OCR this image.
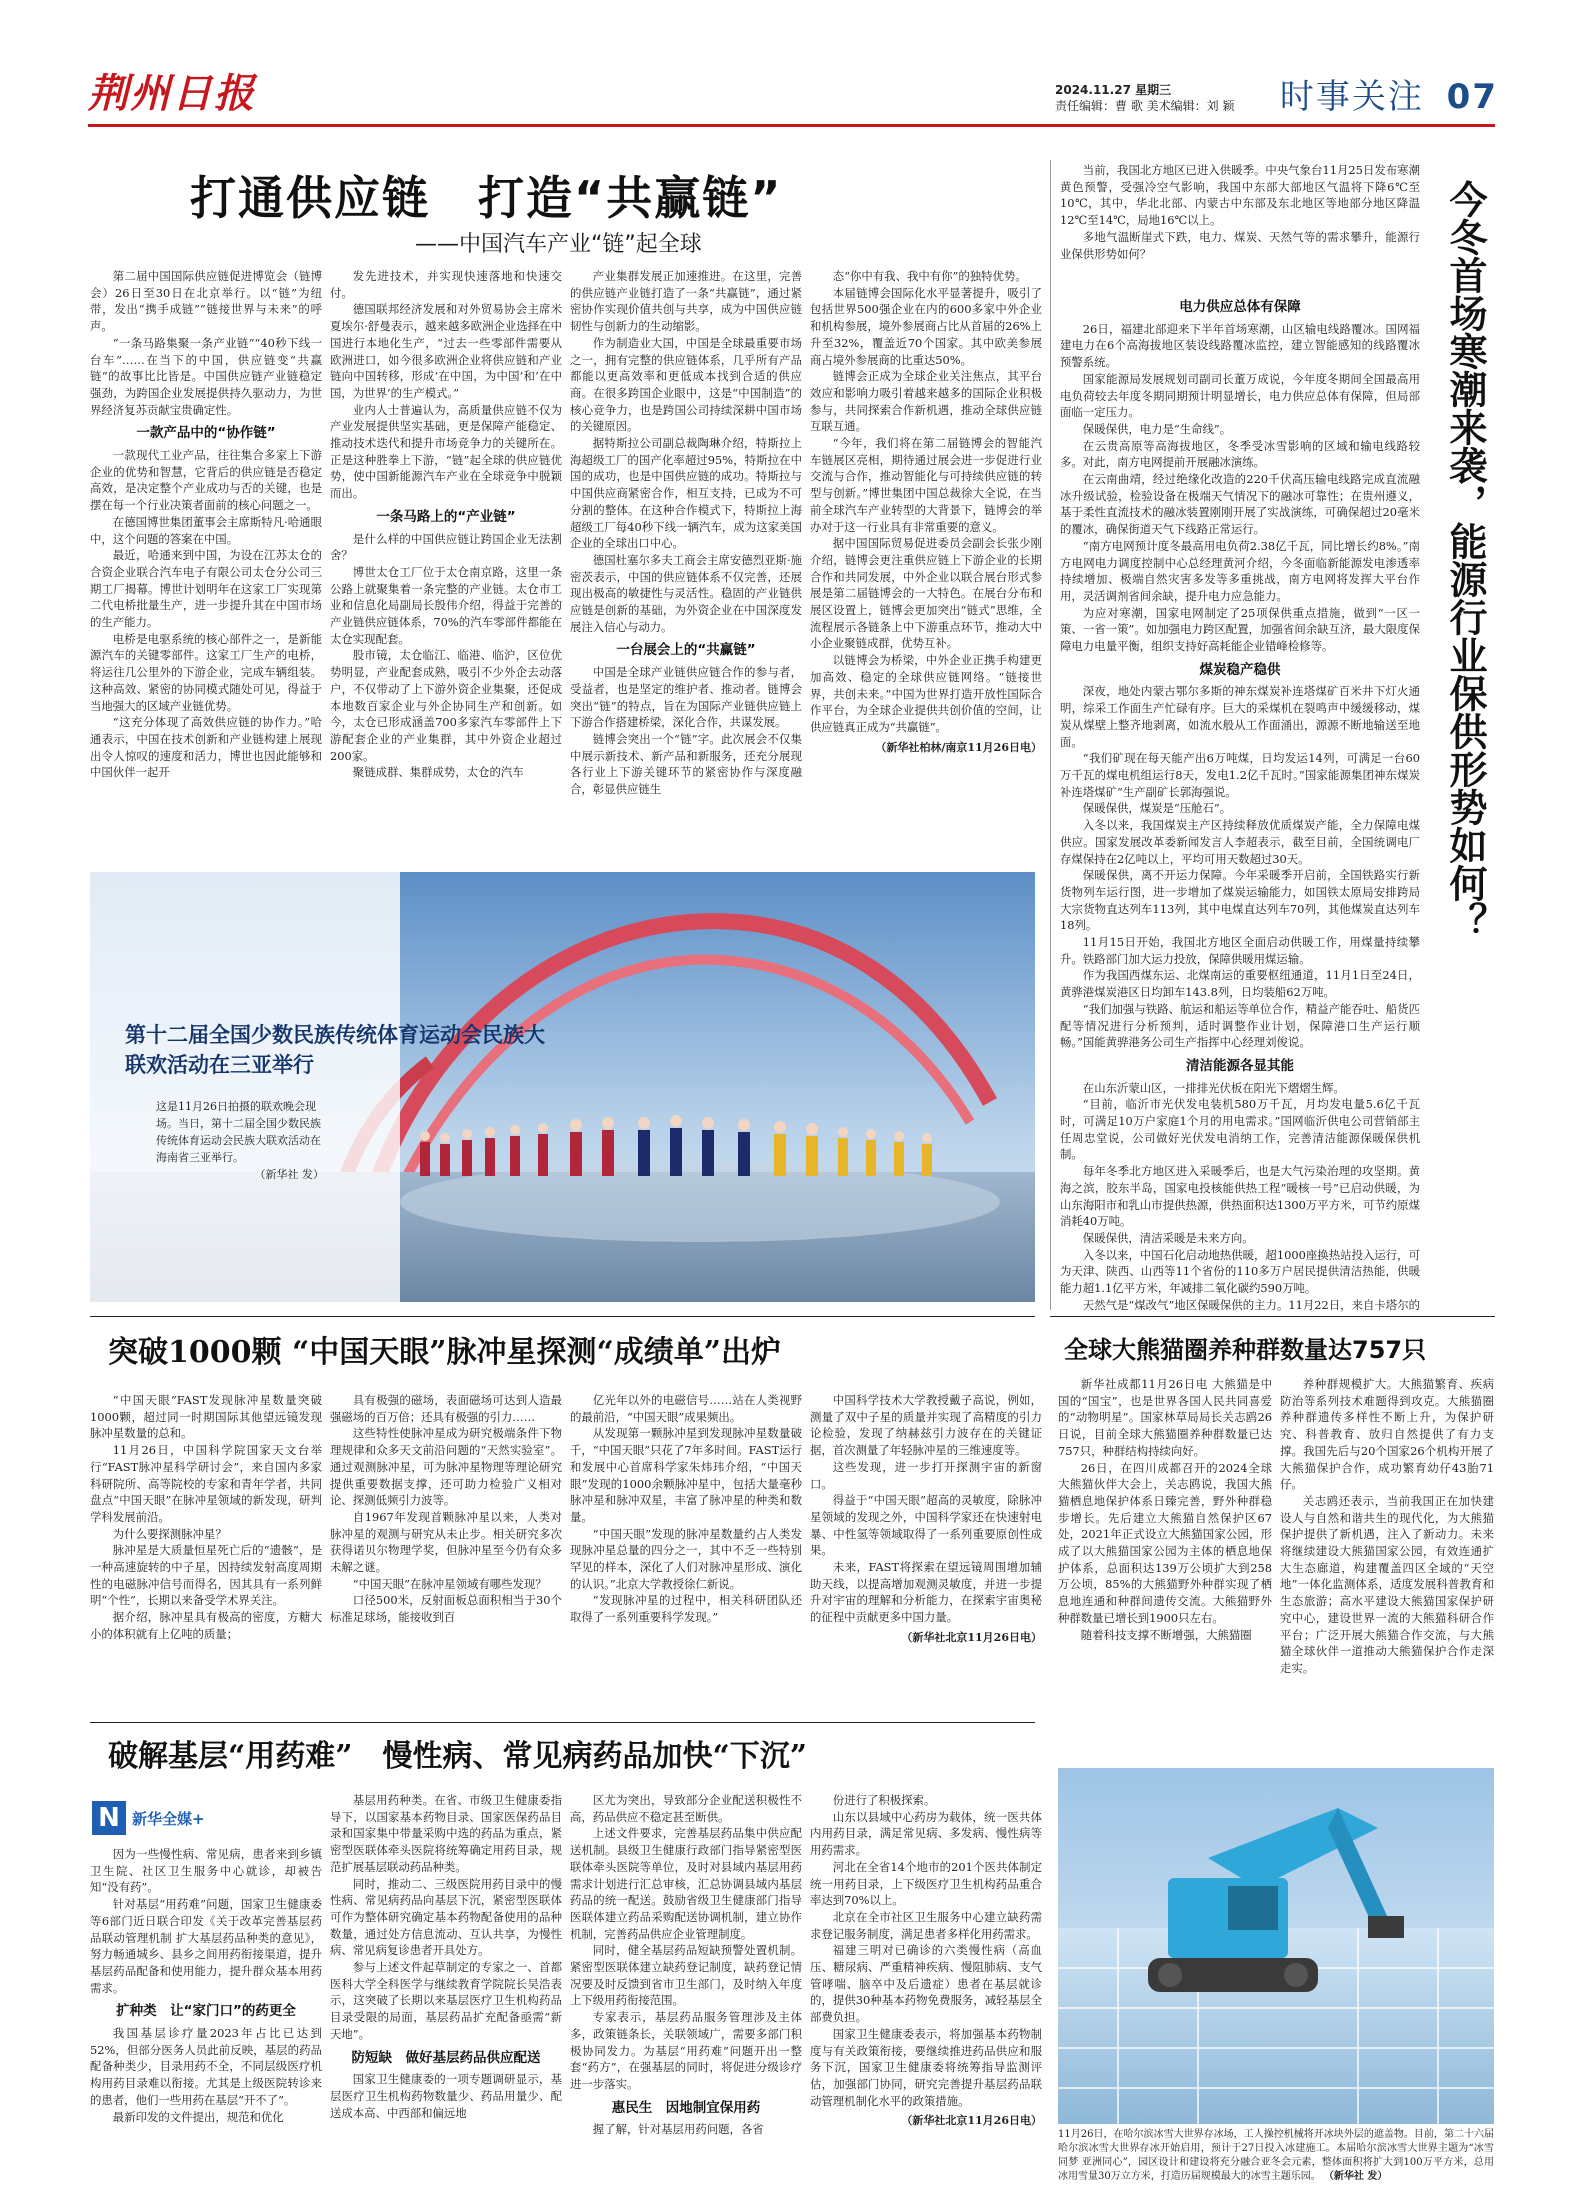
荆州日报	2024.11.27 星期三
责任编辑：曹 歌 美术编辑：刘 颖	时事关注 07
打通供应链　打造“共赢链”
——中国汽车产业“链”起全球

第二届中国国际供应链促进博览会（链博会）26日至30日在北京举行。以“链”为纽带，发出“携手成链”“链接世界与未来”的呼声。

“一条马路集聚一条产业链”“40秒下线一台车”……在当下的中国，供应链变“共赢链”的故事比比皆是。中国供应链产业链稳定强劲，为跨国企业发展提供持久驱动力，为世界经济复苏贡献宝贵确定性。

一款产品中的“协作链”

一款现代工业产品，往往集合多家上下游企业的优势和智慧，它背后的供应链是否稳定高效，是决定整个产业成功与否的关键，也是摆在每一个行业决策者面前的核心问题之一。

在德国博世集团董事会主席斯特凡·哈通眼中，这个问题的答案在中国。

最近，哈通来到中国，为设在江苏太仓的合资企业联合汽车电子有限公司太仓分公司三期工厂揭幕。博世计划明年在这家工厂实现第二代电桥批量生产，进一步提升其在中国市场的生产能力。

电桥是电驱系统的核心部件之一，是新能源汽车的关键零部件。这家工厂生产的电桥，将运往几公里外的下游企业，完成车辆组装。这种高效、紧密的协同模式随处可见，得益于当地强大的区域产业链优势。

“这充分体现了高效供应链的协作力。”哈通表示，中国在技术创新和产业链构建上展现出令人惊叹的速度和活力，博世也因此能够和中国伙伴一起开

发先进技术，并实现快速落地和快速交付。

德国联邦经济发展和对外贸易协会主席米夏埃尔·舒曼表示，越来越多欧洲企业选择在中国进行本地化生产，“过去一些零部件需要从欧洲进口，如今很多欧洲企业将供应链和产业链向中国转移，形成‘在中国，为中国’和‘在中国，为世界’的生产模式。”

业内人士普遍认为，高质量供应链不仅为产业发展提供坚实基础，更是保障产能稳定、推动技术迭代和提升市场竞争力的关键所在。正是这种胜拳上下游，“链”起全球的供应链优势，使中国新能源汽车产业在全球竞争中脱颖而出。

一条马路上的“产业链”

是什么样的中国供应链让跨国企业无法割舍？

博世太仓工厂位于太仓南京路，这里一条公路上就聚集着一条完整的产业链。太仓市工业和信息化局副局长殷伟介绍，得益于完善的产业链供应链体系，70%的汽车零部件都能在太仓实现配套。

股市镜，太仓临江、临港、临沪，区位优势明显，产业配套成熟，吸引不少外企去动落户，不仅带动了上下游外资企业集聚，还促成本地数百家企业与外企协同生产和创新。如今，太仓已形成涵盖700多家汽车零部件上下游配套企业的产业集群，其中外资企业超过200家。

聚链成群、集群成势，太仓的汽车

产业集群发展正加速推进。在这里，完善的供应链产业链打造了一条“共赢链”，通过紧密协作实现价值共创与共享，成为中国供应链韧性与创新力的生动缩影。

作为制造业大国，中国是全球最重要市场之一，拥有完整的供应链体系，几乎所有产品都能以更高效率和更低成本找到合适的供应商。在很多跨国企业眼中，这是“中国制造”的核心竞争力，也是跨国公司持续深耕中国市场的关键原因。

据特斯拉公司副总裁陶琳介绍，特斯拉上海超级工厂的国产化率超过95%，特斯拉在中国的成功，也是中国供应链的成功。特斯拉与中国供应商紧密合作，相互支持，已成为不可分割的整体。在这种合作模式下，特斯拉上海超级工厂每40秒下线一辆汽车，成为这家美国企业的全球出口中心。

德国杜塞尔多夫工商会主席安德烈亚斯·施密茨表示，中国的供应链体系不仅完善，还展现出极高的敏捷性与灵活性。稳固的产业链供应链是创新的基础，为外资企业在中国深度发展注入信心与动力。

一台展会上的“共赢链”

中国是全球产业链供应链合作的参与者，受益者，也是坚定的维护者、推动者。链博会突出“链”的特点，旨在为国际产业链供应链上下游合作搭建桥梁，深化合作，共谋发展。

链博会突出一个“链”字。此次展会不仅集中展示新技术、新产品和新服务，还充分展现各行业上下游关键环节的紧密协作与深度融合，彰显供应链生

态“你中有我、我中有你”的独特优势。

本届链博会国际化水平显著提升，吸引了包括世界500强企业在内的600多家中外企业和机构参展，境外参展商占比从首届的26%上升至32%，覆盖近70个国家。其中欧美参展商占境外参展商的比重达50%。

链博会正成为全球企业关注焦点，其平台效应和影响力吸引着越来越多的国际企业积极参与，共同探索合作新机遇，推动全球供应链互联互通。

“今年，我们将在第二届链博会的智能汽车链展区亮相，期待通过展会进一步促进行业交流与合作，推动智能化与可持续供应链的转型与创新。”博世集团中国总裁徐大全说，在当前全球汽车产业转型的大背景下，链博会的举办对于这一行业具有非常重要的意义。

据中国国际贸易促进委员会副会长张少刚介绍，链博会更注重供应链上下游企业的长期合作和共同发展，中外企业以联合展台形式参展是第二届链博会的一大特色。在展台分布和展区设置上，链博会更加突出“链式”思维，全流程展示各链条上中下游重点环节，推动大中小企业聚链成群，优势互补。

以链博会为桥梁，中外企业正携手构建更加高效、稳定的全球供应链网络。“链接世界，共创未来。”中国为世界打造开放性国际合作平台，为全球企业提供共创价值的空间，让供应链真正成为“共赢链”。

（新华社柏林/南京11月26日电）
第十二届全国少数民族传统体育运动会民族大联欢活动在三亚举行
这是11月26日拍摄的联欢晚会现场。当日，第十二届全国少数民族传统体育运动会民族大联欢活动在海南省三亚举行。
（新华社 发）
突破1000颗 “中国天眼”脉冲星探测“成绩单”出炉

“中国天眼”FAST发现脉冲星数量突破1000颗，超过同一时期国际其他望远镜发现脉冲星数量的总和。

11月26日，中国科学院国家天文台举行“FAST脉冲星科学研讨会”，来自国内多家科研院所、高等院校的专家和青年学者，共同盘点“中国天眼”在脉冲星领域的新发现，研判学科发展前沿。

为什么要探测脉冲星？

脉冲星是大质量恒星死亡后的“遗骸”，是一种高速旋转的中子星，因持续发射高度周期性的电磁脉冲信号而得名，因其具有一系列鲜明“个性”，长期以来备受学术界关注。

据介绍，脉冲星具有极高的密度，方糖大小的体积就有上亿吨的质量；

具有极强的磁场，表面磁场可达到人造最强磁场的百万倍；还具有极强的引力……

这些特性使脉冲星成为研究极端条件下物理规律和众多天文前沿问题的“天然实验室”。通过观测脉冲星，可为脉冲星物理等理论研究提供重要数据支撑，还可助力检验广义相对论、探测低频引力波等。

自1967年发现首颗脉冲星以来，人类对脉冲星的观测与研究从未止步。相关研究多次获得诺贝尔物理学奖，但脉冲星至今仍有众多未解之谜。

“中国天眼”在脉冲星领域有哪些发现？

口径500米，反射面板总面积相当于30个标准足球场，能接收到百

亿光年以外的电磁信号……站在人类视野的最前沿，“中国天眼”成果频出。

从发现第一颗脉冲星到发现脉冲星数量破千，“中国天眼”只花了7年多时间。FAST运行和发展中心首席科学家朱炜玮介绍，“中国天眼”发现的1000余颗脉冲星中，包括大量毫秒脉冲星和脉冲双星，丰富了脉冲星的种类和数量。

“中国天眼”发现的脉冲星数量约占人类发现脉冲星总量的四分之一，其中不乏一些特别罕见的样本，深化了人们对脉冲星形成、演化的认识。”北京大学教授徐仁新说。

“发现脉冲星的过程中，相关科研团队还取得了一系列重要科学发现。”

中国科学技术大学教授戴子高说，例如，测量了双中子星的质量并实现了高精度的引力论检验，发现了纳赫兹引力波存在的关键证据，首次测量了年轻脉冲星的三维速度等。

这些发现，进一步打开探测宇宙的新窗口。

得益于“中国天眼”超高的灵敏度，除脉冲星领域的发现之外，中国科学家还在快速射电暴、中性氢等领域取得了一系列重要原创性成果。

未来，FAST将探索在望远镜周围增加辅助天线，以提高增加观测灵敏度，并进一步提升对宇宙的理解和分析能力，在探索宇宙奥秘的征程中贡献更多中国力量。

（新华社北京11月26日电）
破解基层“用药难”　慢性病、常见病药品加快“下沉”
N 新华全媒+

因为一些慢性病、常见病，患者来到乡镇卫生院、社区卫生服务中心就诊，却被告知“没有药”。

针对基层“用药难”问题，国家卫生健康委等6部门近日联合印发《关于改革完善基层药品联动管理机制 扩大基层药品种类的意见》，努力畅通城乡、县乡之间用药衔接渠道，提升基层药品配备和使用能力，提升群众基本用药需求。

扩种类　让“家门口”的药更全

我国基层诊疗量2023年占比已达到52%，但部分医务人员此前反映，基层的药品配备种类少，目录用药不全，不同层级医疗机构用药目录难以衔接。尤其是上级医院转诊来的患者，他们一些用药在基层“开不了”。

最新印发的文件提出，规范和优化

基层用药种类。在省、市级卫生健康委指导下，以国家基本药物目录、国家医保药品目录和国家集中带量采购中选的药品为重点，紧密型医联体牵头医院将统筹确定用药目录，规范扩展基层联动药品种类。

同时，推动二、三级医院用药目录中的慢性病、常见病药品向基层下沉，紧密型医联体可作为整体研究确定基本药物配备使用的品种数量，通过处方信息流动、互认共享，为慢性病、常见病复诊患者开具处方。

参与上述文件起草制定的专家之一、首都医科大学全科医学与继续教育学院院长吴浩表示，这突破了长期以来基层医疗卫生机构药品目录受限的局面，基层药品扩充配备亟需“新天地”。

防短缺　做好基层药品供应配送

国家卫生健康委的一项专题调研显示，基层医疗卫生机构药物数量少、药品用量少、配送成本高、中西部和偏远地

区尤为突出，导致部分企业配送积极性不高，药品供应不稳定甚至断供。

上述文件要求，完善基层药品集中供应配送机制。县级卫生健康行政部门指导紧密型医联体牵头医院等单位，及时对县域内基层用药需求计划进行汇总审核，汇总协调县域内基层药品的统一配送。鼓励省级卫生健康部门指导医联体建立药品采购配送协调机制，建立协作机制，完善药品供应企业管理制度。

同时，健全基层药品短缺预警处置机制。紧密型医联体建立缺药登记制度，缺药登记情况要及时反馈到省市卫生部门，及时纳入年度上下级用药衔接范围。

专家表示，基层药品服务管理涉及主体多，政策链条长，关联领域广，需要多部门积极协同发力。为基层“用药难”问题开出一整套“药方”，在强基层的同时，将促进分级诊疗进一步落实。

惠民生　因地制宜保用药

握了解，针对基层用药问题，各省

份进行了积极探索。

山东以县域中心药房为载体，统一医共体内用药目录，满足常见病、多发病、慢性病等用药需求。

河北在全省14个地市的201个医共体制定统一用药目录，上下级医疗卫生机构药品重合率达到70%以上。

北京在全市社区卫生服务中心建立缺药需求登记服务制度，满足患者多样化用药需求。

福建三明对已确诊的六类慢性病（高血压、糖尿病、严重精神疾病、慢阻肺病、支气管哮喘、脑卒中及后遗症）患者在基层就诊的，提供30种基本药物免费服务，减轻基层全部费负担。

国家卫生健康委表示，将加强基本药物制度与有关政策衔接，要继续推进药品供应和服务下沉，国家卫生健康委将统筹指导监测评估，加强部门协同，研究完善提升基层药品联动管理机制化水平的政策措施。

（新华社北京11月26日电）

当前，我国北方地区已进入供暖季。中央气象台11月25日发布寒潮黄色预警，受强冷空气影响，我国中东部大部地区气温将下降6℃至10℃，其中，华北北部、内蒙古中东部及东北地区等地部分地区降温12℃至14℃，局地16℃以上。

多地气温断崖式下跌，电力、煤炭、天然气等的需求攀升，能源行业保供形势如何？	今冬首场寒潮来袭，能源行业保供形势如何？
电力供应总体有保障

26日，福建北部迎来下半年首场寒潮，山区输电线路覆冰。国网福建电力在6个高海拔地区装设线路覆冰监控，建立智能感知的线路覆冰预警系统。

国家能源局发展规划司副司长董万成说，今年度冬期间全国最高用电负荷较去年度冬期同期预计明显增长，电力供应总体有保障，但局部面临一定压力。

保暖保供，电力是“生命线”。

在云贵高原等高海拔地区，冬季受冰雪影响的区域和输电线路较多。对此，南方电网提前开展融冰演练。

在云南曲靖，经过绝缘化改造的220千伏高压输电线路完成直流融冰升级试验，检验设备在极端天气情况下的融冰可靠性；在贵州遵义，基于柔性直流技术的融冰装置刚刚开展了实战演练，可确保超过20毫米的覆冰，确保街道天气下线路正常运行。

“南方电网预计度冬最高用电负荷2.38亿千瓦，同比增长约8%。”南方电网电力调度控制中心总经理黄河介绍，今冬面临新能源发电渗透率持续增加、极端自然灾害多发等多重挑战，南方电网将发挥大平台作用，灵活调剂省间余缺，提升电力应急能力。

为应对寒潮，国家电网制定了25项保供重点措施，做到“一区一策、一省一策”。如加强电力跨区配置，加强省间余缺互济，最大限度保障电力电量平衡，组织支持好高耗能企业错峰检修等。

煤炭稳产稳供

深夜，地处内蒙古鄂尔多斯的神东煤炭补连塔煤矿百米井下灯火通明，综采工作面生产忙碌有序。巨大的采煤机在裂鸣声中缓缓移动，煤炭从煤壁上整齐地剥离，如流水般从工作面涌出，源源不断地输送至地面。

“我们矿现在每天能产出6万吨煤，日均发运14列，可满足一台60万千瓦的煤电机组运行8天，发电1.2亿千瓦时。”国家能源集团神东煤炭补连塔煤矿“生产副矿长郭海强说。

保暖保供，煤炭是“压舱石”。

入冬以来，我国煤炭主产区持续释放优质煤炭产能，全力保障电煤供应。国家发展改革委新闻发言人李超表示，截至目前，全国统调电厂存煤保持在2亿吨以上，平均可用天数超过30天。

保暖保供，离不开运力保障。今年采暖季开启前，全国铁路实行新货物列车运行图，进一步增加了煤炭运输能力，如国铁太原局安排跨局大宗货物直达列车113列，其中电煤直达列车70列，其他煤炭直达列车18列。

11月15日开始，我国北方地区全面启动供暖工作，用煤量持续攀升。铁路部门加大运力投放，保障供暖用煤运输。

作为我国西煤东运、北煤南运的重要枢纽通道，11月1日至24日，黄骅港煤炭港区日均卸车143.8列，日均装船62万吨。

“我们加强与铁路、航运和船运等单位合作，精益产能吞吐、船货匹配等情况进行分析预判，适时调整作业计划，保障港口生产运行顺畅。”国能黄骅港务公司生产指挥中心经理刘俊说。

清洁能源各显其能

在山东沂蒙山区，一排排光伏板在阳光下熠熠生辉。

“目前，临沂市光伏发电装机580万千瓦，月均发电量5.6亿千瓦时，可满足10万户家庭1个月的用电需求。”国网临沂供电公司营销部主任周忠堂说，公司做好光伏发电消纳工作，完善清洁能源保暖保供机制。

每年冬季北方地区进入采暖季后，也是大气污染治理的攻坚期。黄海之滨，胶东半岛，国家电投核能供热工程“暖核一号”已启动供暖，为山东海阳市和乳山市提供热源，供热面积达1300万平方米，可节约原煤消耗40万吨。

保暖保供，清洁采暖是未来方向。

入冬以来，中国石化启动地热供暖，超1000座换热站投入运行，可为天津、陕西、山西等11个省份的110多万户居民提供清洁热能，供暖能力超1.1亿平方米，年减排二氧化碳约590万吨。

天然气是“煤改气”地区保暖保供的主力。11月22日，来自卡塔尔的

全球大熊猫圈养种群数量达757只

新华社成都11月26日电 大熊猫是中国的“国宝”，也是世界各国人民共同喜爱的“动物明星”。国家林草局局长关志鸥26日说，目前全球大熊猫圈养种群数量已达757只，种群结构持续向好。

26日，在四川成都召开的2024全球大熊猫伙伴大会上，关志鸥说，我国大熊猫栖息地保护体系日臻完善，野外种群稳步增长。先后建立大熊猫自然保护区67处，2021年正式设立大熊猫国家公园，形成了以大熊猫国家公园为主体的栖息地保护体系，总面积达139万公顷扩大到258万公顷，85%的大熊猫野外种群实现了栖息地连通和种群间遗传交流。大熊猫野外种群数量已增长到1900只左右。

随着科技支撑不断增强，大熊猫圈

养种群规模扩大。大熊猫繁育、疾病防治等系列技术难题得到攻克。大熊猫圈养种群遗传多样性不断上升，为保护研究、科普教育、放归自然提供了有力支撑。我国先后与20个国家26个机构开展了大熊猫保护合作，成功繁育幼仔43胎71仔。

关志鸥还表示，当前我国正在加快建设人与自然和谐共生的现代化，为大熊猫保护提供了新机遇，注入了新动力。未来将继续建设大熊猫国家公园，有效连通扩大生态廊道，构建覆盖四区全域的“天空地”一体化监测体系，适度发展科普教育和生态旅游；高水平建设大熊猫国家保护研究中心，建设世界一流的大熊猫科研合作平台；广泛开展大熊猫合作交流，与大熊猫全球伙伴一道推动大熊猫保护合作走深走实。

11月26日，在哈尔滨冰雪大世界存冰场，工人操控机械将开冰块外层的遮盖物。目前，第二十六届哈尔滨冰雪大世界存冰开始启用，预计于27日投入冰建施工。本届哈尔滨冰雪大世界主题为“冰雪同梦 亚洲同心”，园区设计和建设将充分融合亚冬会元素，整体面积将扩大到100万平方米，总用冰用雪量30万立方米，打造历届规模最大的冰雪主题乐园。 （新华社 发）
